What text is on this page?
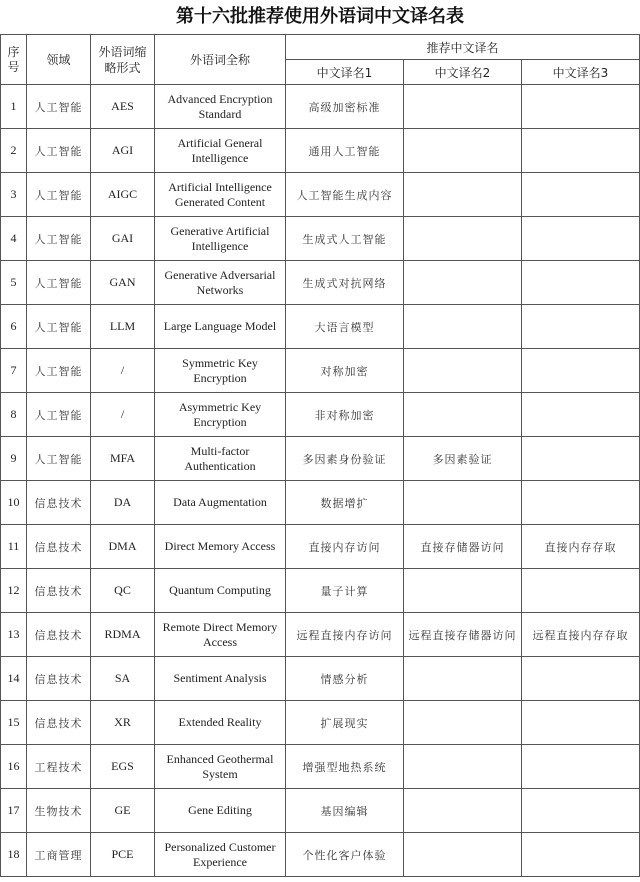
第十六批推荐使用外语词中文译名表
序号	领域	外语词缩略形式	外语词全称	推荐中文译名		
				中文译名1	中文译名2	中文译名3
1	人工智能	AES	Advanced Encryption Standard	高级加密标准		
2	人工智能	AGI	Artificial General Intelligence	通用人工智能		
3	人工智能	AIGC	Artificial Intelligence Generated Content	人工智能生成内容		
4	人工智能	GAI	Generative Artificial Intelligence	生成式人工智能		
5	人工智能	GAN	Generative Adversarial Networks	生成式对抗网络		
6	人工智能	LLM	Large Language Model	大语言模型		
7	人工智能	/	Symmetric Key Encryption	对称加密		
8	人工智能	/	Asymmetric Key Encryption	非对称加密		
9	人工智能	MFA	Multi-factor Authentication	多因素身份验证	多因素验证	
10	信息技术	DA	Data Augmentation	数据增扩		
11	信息技术	DMA	Direct Memory Access	直接内存访问	直接存储器访问	直接内存存取
12	信息技术	QC	Quantum Computing	量子计算		
13	信息技术	RDMA	Remote Direct Memory Access	远程直接内存访问	远程直接存储器访问	远程直接内存存取
14	信息技术	SA	Sentiment Analysis	情感分析		
15	信息技术	XR	Extended Reality	扩展现实		
16	工程技术	EGS	Enhanced Geothermal System	增强型地热系统		
17	生物技术	GE	Gene Editing	基因编辑		
18	工商管理	PCE	Personalized Customer Experience	个性化客户体验		
